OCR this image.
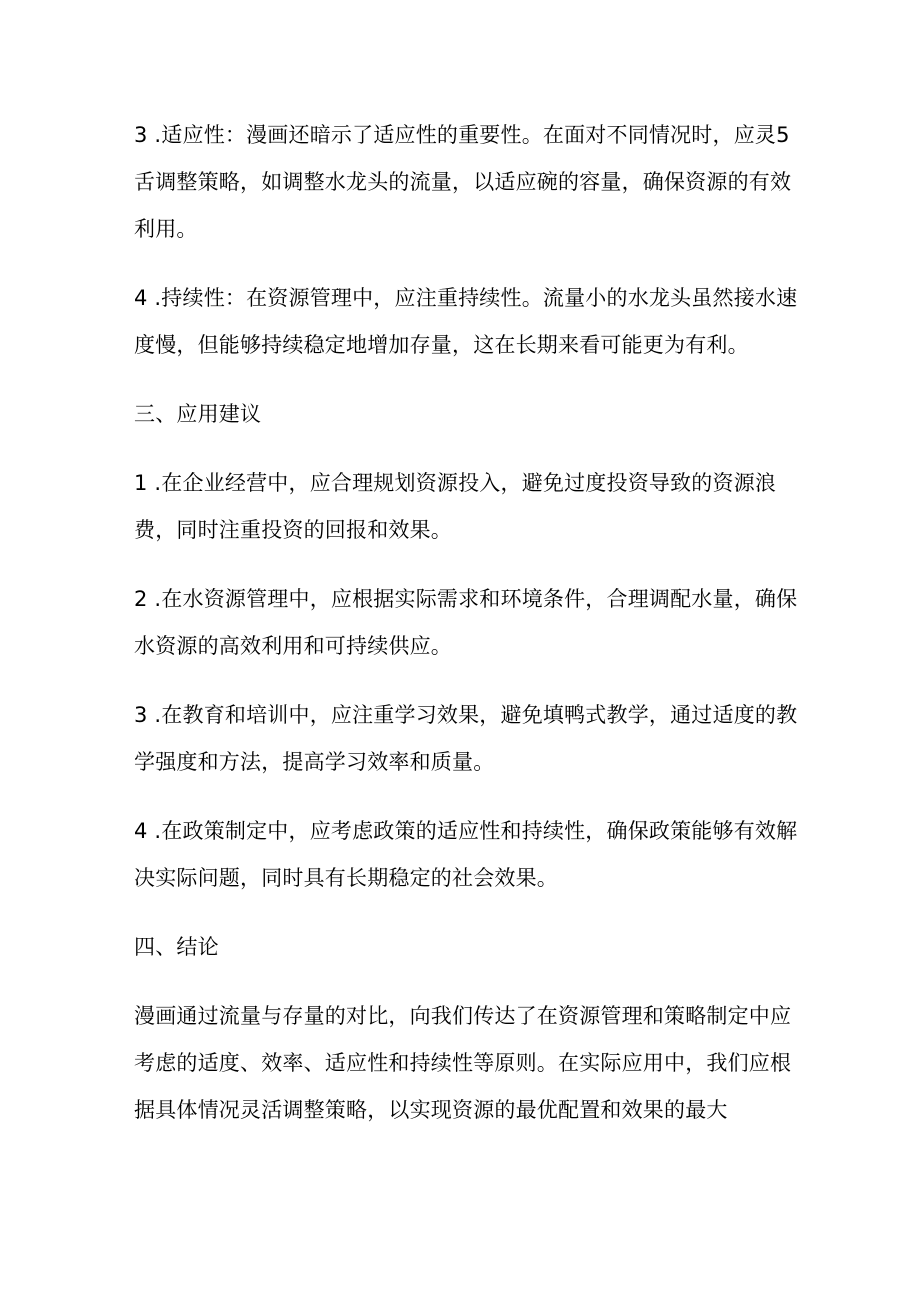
3 .适应性：漫画还暗示了适应性的重要性。在面对不同情况时，应灵5舌调整策略，如调整水龙头的流量，以适应碗的容量，确保资源的有效利用。

4 .持续性：在资源管理中，应注重持续性。流量小的水龙头虽然接水速度慢，但能够持续稳定地增加存量，这在长期来看可能更为有利。

三、应用建议

1 .在企业经营中，应合理规划资源投入，避免过度投资导致的资源浪费，同时注重投资的回报和效果。

2 .在水资源管理中，应根据实际需求和环境条件，合理调配水量，确保水资源的高效利用和可持续供应。

3 .在教育和培训中，应注重学习效果，避免填鸭式教学，通过适度的教学强度和方法，提高学习效率和质量。

4 .在政策制定中，应考虑政策的适应性和持续性，确保政策能够有效解决实际问题，同时具有长期稳定的社会效果。

四、结论

漫画通过流量与存量的对比，向我们传达了在资源管理和策略制定中应考虑的适度、效率、适应性和持续性等原则。在实际应用中，我们应根据具体情况灵活调整策略，以实现资源的最优配置和效果的最大
